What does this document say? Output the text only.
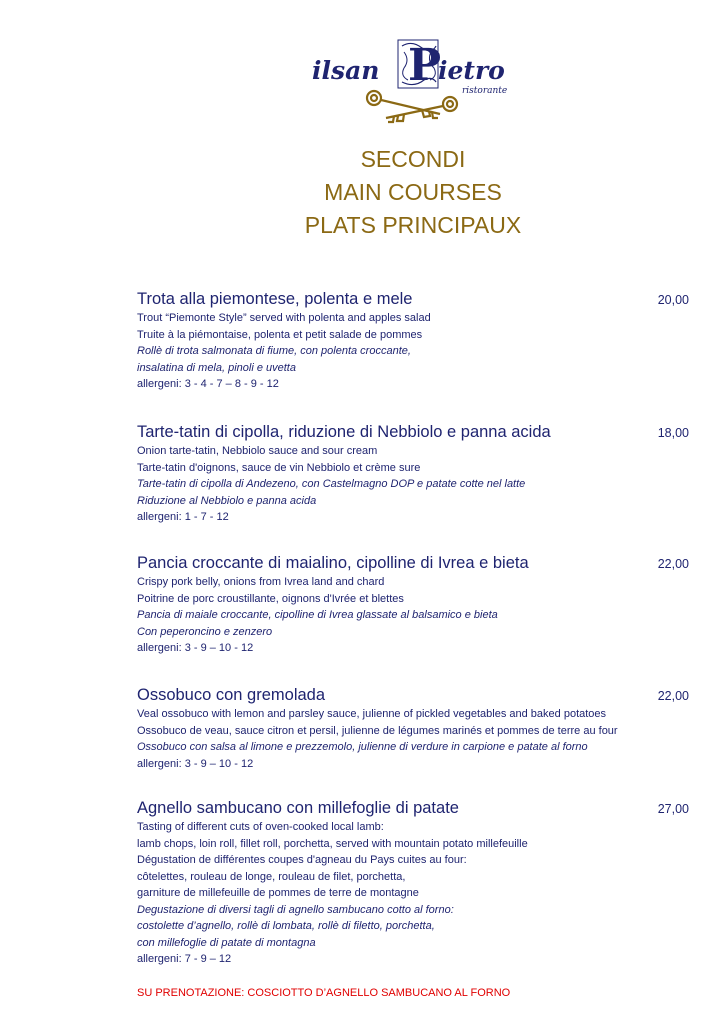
ilsan P
ietro
ristorante
SECONDI
MAIN COURSES
PLATS PRINCIPAUX
Trota alla piemontese, polenta e mele	20,00
Trout “Piemonte Style” served with polenta and apples salad
Truite à la piémontaise, polenta et petit salade de pommes
Rollè di trota salmonata di fiume, con polenta croccante,
insalatina di mela, pinoli e uvetta
allergeni: 3 - 4 - 7 – 8 - 9 - 12
Tarte-tatin di cipolla, riduzione di Nebbiolo e panna acida	18,00
Onion tarte-tatin, Nebbiolo sauce and sour cream
Tarte-tatin d'oignons, sauce de vin Nebbiolo et crème sure
Tarte-tatin di cipolla di Andezeno, con Castelmagno DOP e patate cotte nel latte
Riduzione al Nebbiolo e panna acida
allergeni: 1 - 7 - 12
Pancia croccante di maialino, cipolline di Ivrea e bieta	22,00
Crispy pork belly, onions from Ivrea land and chard
Poitrine de porc croustillante, oignons d'Ivrée et blettes
Pancia di maiale croccante, cipolline di Ivrea glassate al balsamico e bieta
Con peperoncino e zenzero
allergeni: 3 - 9 – 10 - 12
Ossobuco con gremolada	22,00
Veal ossobuco with lemon and parsley sauce, julienne of pickled vegetables and baked potatoes
Ossobuco de veau, sauce citron et persil, julienne de légumes marinés et pommes de terre au four
Ossobuco con salsa al limone e prezzemolo, julienne di verdure in carpione e patate al forno
allergeni: 3 - 9 – 10 - 12
Agnello sambucano con millefoglie di patate	27,00
Tasting of different cuts of oven-cooked local lamb:
lamb chops, loin roll, fillet roll, porchetta, served with mountain potato millefeuille
Dégustation de différentes coupes d'agneau du Pays cuites au four:
côtelettes, rouleau de longe, rouleau de filet, porchetta,
garniture de millefeuille de pommes de terre de montagne
Degustazione di diversi tagli di agnello sambucano cotto al forno:
costolette d’agnello, rollè di lombata, rollè di filetto, porchetta,
con millefoglie di patate di montagna
allergeni: 7 - 9 – 12
SU PRENOTAZIONE: COSCIOTTO D’AGNELLO SAMBUCANO AL FORNO
